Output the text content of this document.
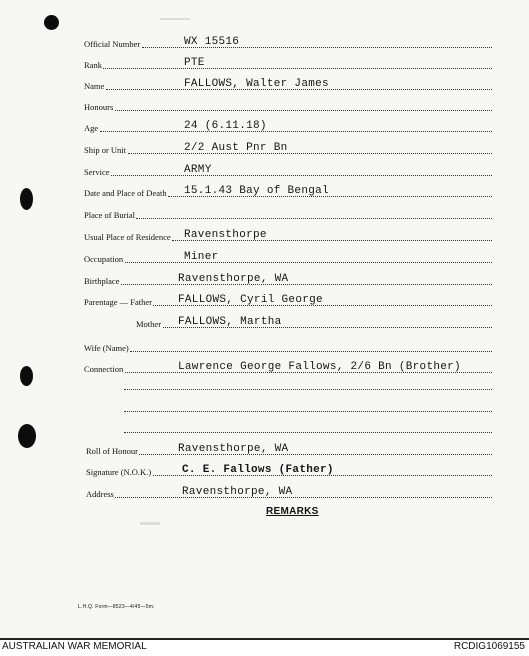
Official Number	WX 15516
Rank	PTE
Name	FALLOWS, Walter James
Honours
Age	24 (6.11.18)
Ship or Unit	2/2 Aust Pnr Bn
Service	ARMY
Date and Place of Death 15.1.43 Bay of Bengal
Place of Burial
Usual Place of Residence Ravensthorpe
Occupation	Miner
Birthplace	Ravensthorpe, WA
Parentage — Father FALLOWS, Cyril George
Mother FALLOWS, Martha
Wife (Name)
Connection	Lawrence George Fallows, 2/6 Bn (Brother)
Roll of Honour	Ravensthorpe, WA
Signature (N.O.K.)	C. E. Fallows (Father)
Address	Ravensthorpe, WA
REMARKS
L.H.Q. Form—8523—4/45—5m.
AUSTRALIAN WAR MEMORIAL	RCDIG1069155
